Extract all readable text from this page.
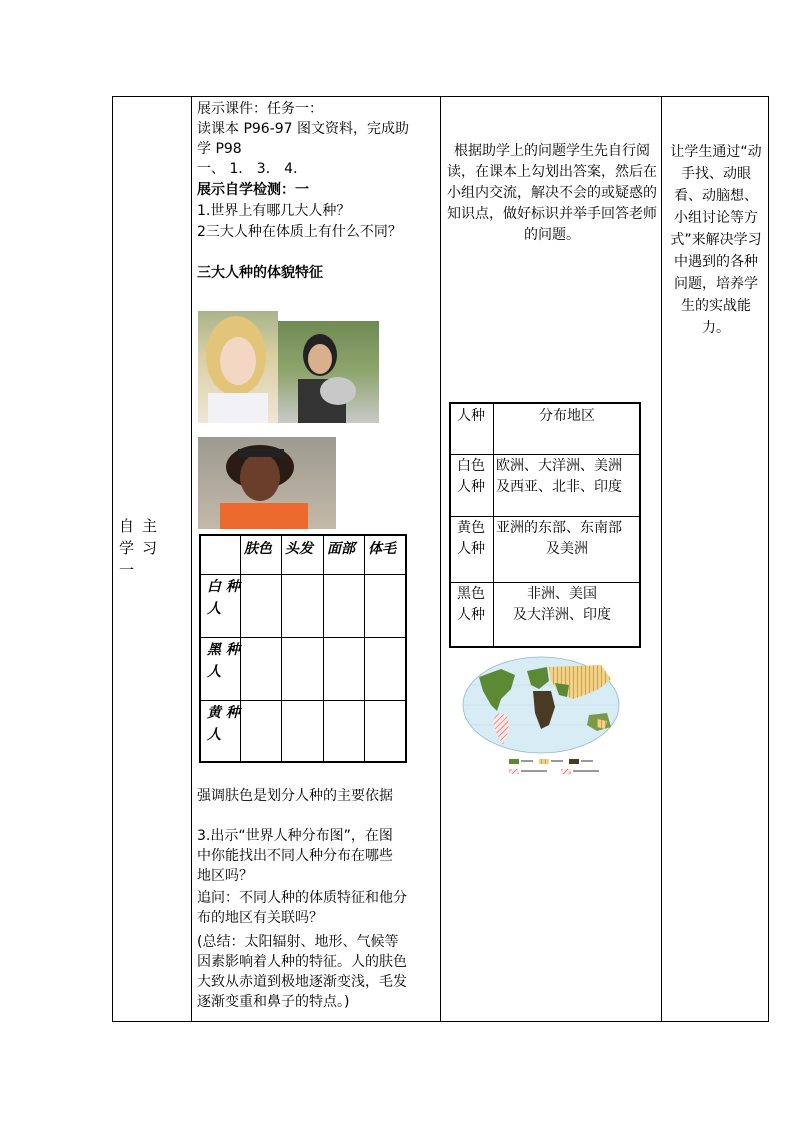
自主学习一
展示课件：任务一：
读课本 P96-97 图文资料，完成助
学 P98
一、 1． 3． 4．
展示自学检测：一
1.世界上有哪几大人种？
2三大人种在体质上有什么不同？
三大人种的体貌特征
肤色 头发 面部 体毛
白 种
人
黑 种
人
黄 种
人
强调肤色是划分人种的主要依据
3.出示“世界人种分布图”，在图
中你能找出不同人种分布在哪些
地区吗？
追问：不同人种的体质特征和他分
布的地区有关联吗？
(总结：太阳辐射、地形、气候等
因素影响着人种的特征。人的肤色
大致从赤道到极地逐渐变浅，毛发
逐渐变重和鼻子的特点。)
根据助学上的问题学生先自行阅读，在课本上勾划出答案，然后在小组内交流，解决不会的或疑惑的知识点，做好标识并举手回答老师的问题。
人种	分布地区
白色
人种
欧洲、大洋洲、美洲
及西亚、北非、印度
黄色
人种
亚洲的东部、东南部
及美洲
黑色
人种
非洲、美国
及大洋洲、印度
让学生通过“动手找、动眼看、动脑想、小组讨论等方式”来解决学习中遇到的各种问题，培养学生的实战能力。
